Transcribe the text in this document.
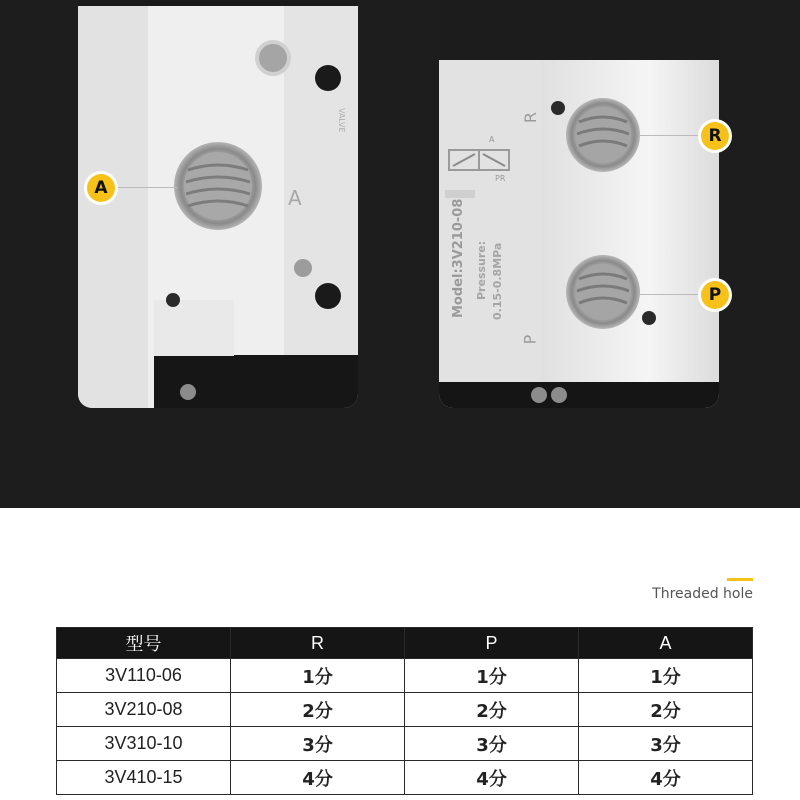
A
VALVE
Model:3V210-08 Pressure: 0.15-0.8MPa
A
PR
R
P
A
R
P
Threaded hole
型号	R	P	A
3V110-06	1分	1分	1分
3V210-08	2分	2分	2分
3V310-10	3分	3分	3分
3V410-15	4分	4分	4分
